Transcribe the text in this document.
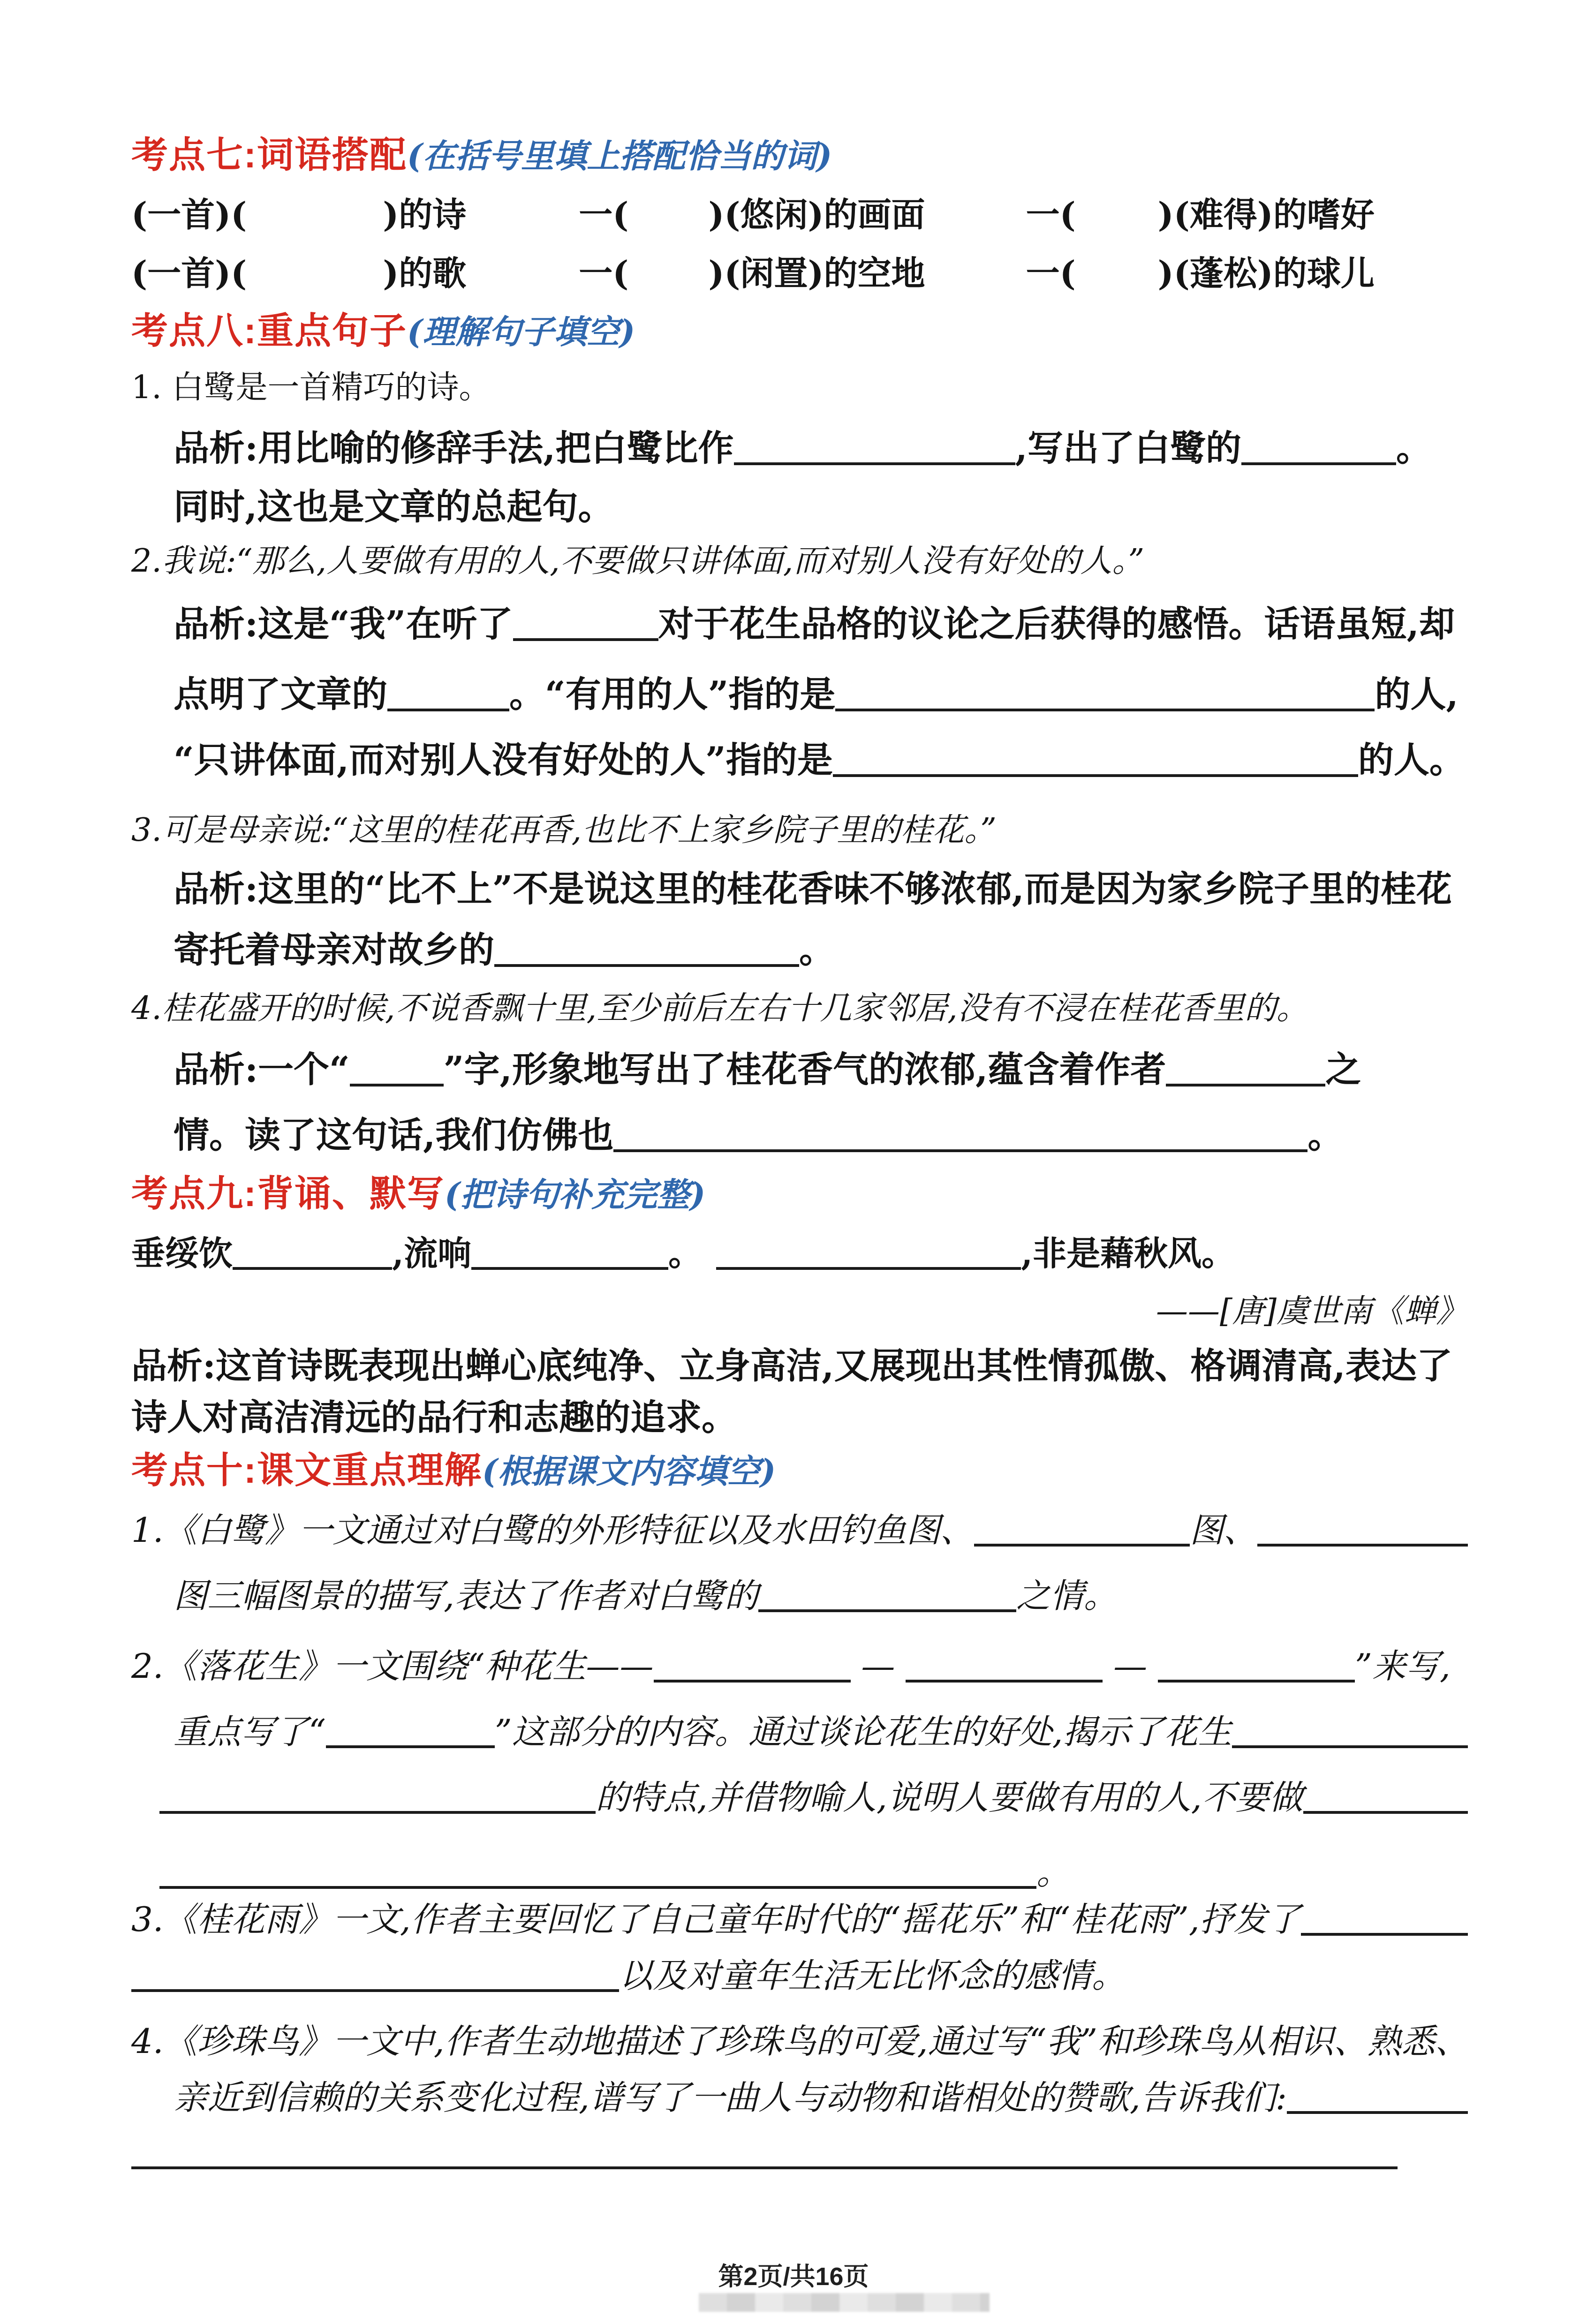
第2页/共16页
考点七:词语搭配 (在括号里填上搭配恰当的词)
(一首)(	)的诗	一( )(悠闲)的画面	一( )(难得)的嗜好
(一首)(	)的歌	一( )(闲置)的空地	一( )(蓬松)的球儿
考点八:重点句子 (理解句子填空)
1. 白鹭是一首精巧的诗。
品析: 用比喻的修辞手法,把白鹭比作	,写出了白鹭的	。
同时,这也是文章的总起句。
2.我说:“那么,人要做有用的人,不要做只讲体面,而对别人没有好处的人。”
品析: 这是“我”在听了	对于花生品格的议论之后获得的感悟。话语虽短,却
点明了文章的	。“有用的人”指的是	的人,
“只讲体面,而对别人没有好处的人”指的是	的人。
3.可是母亲说:“这里的桂花再香,也比不上家乡院子里的桂花。”
品析: 这里的“比不上”不是说这里的桂花香味不够浓郁,而是因为家乡院子里的桂花
寄托着母亲对故乡的	。
4.桂花盛开的时候,不说香飘十里,至少前后左右十几家邻居,没有不浸在桂花香里的。
品析: 一个“	”字,形象地写出了桂花香气的浓郁,蕴含着作者	之
情。读了这句话,我们仿佛也	。
考点九:背诵、默写 (把诗句补充完整)
垂绥饮	,流响	。	,非是藉秋风。
——[唐]虞世南《蝉》
品析: 这首诗既表现出蝉心底纯净、立身高洁,又展现出其性情孤傲、格调清高,表达了
诗人对高洁清远的品行和志趣的追求。
考点十:课文重点理解 (根据课文内容填空)
1.《白鹭》一文通过对白鹭的外形特征以及水田钓鱼图、	图、
图三幅图景的描写,表达了作者对白鹭的	之情。
2.《落花生》一文围绕“种花生——	—	—	”来写,
重点写了“	”这部分的内容。通过谈论花生的好处,揭示了花生
的特点,并借物喻人,说明人要做有用的人,不要做
。
3.《桂花雨》一文,作者主要回忆了自己童年时代的“摇花乐”和“桂花雨”,抒发了
以及对童年生活无比怀念的感情。
4.《珍珠鸟》一文中,作者生动地描述了珍珠鸟的可爱,通过写“我”和珍珠鸟从相识、熟悉、
亲近到信赖的关系变化过程,谱写了一曲人与动物和谐相处的赞歌,告诉我们:
